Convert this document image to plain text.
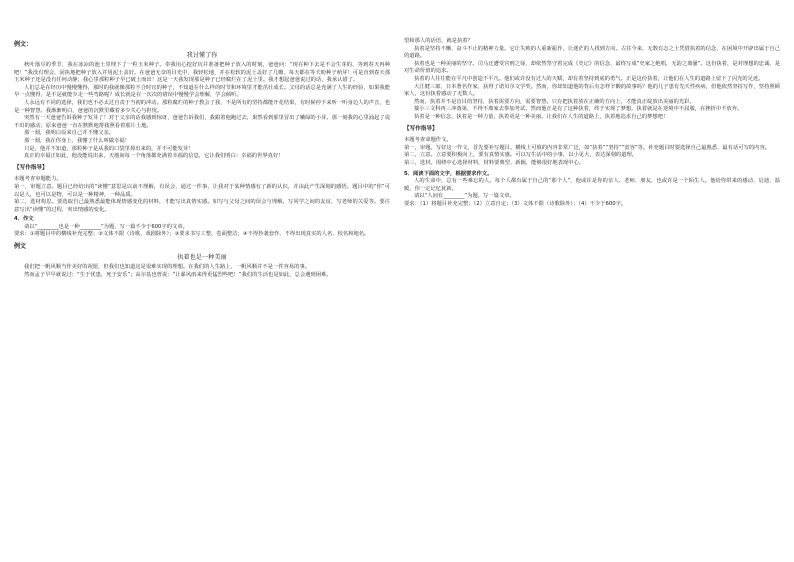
例文：

我讨懂了你

秋叶落尽的季节，我在冰凉的池土里埋下了一粒玉米种子。奉我用心挖好坑并准备把种子放入的时刻，爸爸问：“现在种下去是不会生芽的，等到春天再种吧！”我没有理会，固执地把种子放入并用泥土盖好。在爸爸无奈的目光中，我轻松地，并在松软的泥土盖好了几瓣，每天都在等天盼种子萌芽！可是直到春天那玉米种子还是没有任何动静，我心里那粒种子早已破土而出！这是一天我发现那是种子已经腐烂在了泥土里。我才想起爸爸说过的话，我承认错了。

人们总是在经历中慢慢懂得，那时的我就像那粒不合时宜的种子，不知道在什么样的时节和环境里才能茁壮成长。父母的话总是充满了人生的经验，如果我能早一点懂得，是不是就能少走一些弯路呢？成长就是在一次次的错误中慢慢学会理解，学会倾听。

人永远有不同的选择，我们也不必太过自责于当初的冲动。那粒腐烂的种子教会了我，不是所有的坚持都能开花结果，有时候停下来听一听身边人的声音，也是一种智慧。我渐渐明白，爸爸的沉默里藏着多少关心与担忧。

突然有一天爸爸告诉我种子发芽了！对于父亲的话我感到惊讶，爸爸告诉我们，我跟着他跑过去，果然看到那里冒出了嫩绿的小芽。那一刻我的心里涌起了说不出的感动，原来爸爸一直在默默地帮我照看着那片土地。

那一刻，我明白原来自己并不懂父亲。

那一刻，我在你身上，我懂了什么叫做幸福！

只是，他并不知道，那粒种子是从我的口袋里掉出来的，并不可能发芽！

真正的幸福正如此，他没能说出来，天地间每一个角落都充满着幸福的信息，它让我们明白：幸福的世界真好！

【写作指导】

本题考查审题能力。

第一，审题立意。题目已经给出的“读懂”意思是以前不理解，有误会，通过一件事，让我对于某种情感有了新的认识，并由此产生深刻的感悟。题目中的“你”可以是人，也可以是物，可以是一种精神，一种品质。

第二，选材构思。要选取自己最熟悉最能体现情感变化的材料，才能写出真情实感。如写与父母之间的误会与理解，写同学之间的友谊，写老师的关爱等。要注意写出“读懂”的过程，突出情感的变化。

4．作文

请以“________也是一种________”为题，写一篇不少于600字的文章。

要求：①将题目中的横线补充完整；②文体不限（诗歌、戏剧除外）；③要求书写工整，卷面整洁；④不得抄袭套作，不得出现真实的人名、校名和地名。

例文

执着也是一种美丽

我们把一帆风顺当作美好的祝愿，但我们也知道这是很难实现的理想。在我们的人生路上，一帆风顺并不是一件容易的事。

然而孟子早早就说过：“生于忧患，死于安乐”；高尔基也曾说：“让暴风雨来得更猛烈些吧！”我们的生活也是如此，总会遇到困难。

望和那人的话语，就是执着？

执着是坚持不懈、奋斗不止的精神力量。它让失败的人重新振作，让迷茫的人找到方向。古往今来，无数有志之士凭借执着的信念，在困境中开辟出属于自己的道路。

执着也是一种美丽的坚守。司马迁遭受宫刑之辱，却依然坚守着完成《史记》的信念，最终写成“史家之绝唱，无韵之离骚”。这份执着，是对理想的忠诚，是对生命价值的追求。

执着的人往往能在平凡中创造不平凡。他们或许没有过人的天赋，却有着坚持到底的勇气。正是这份执着，让他们在人生的道路上留下了闪光的足迹。

大江健三郎，日本著名作家，获得了诺贝尔文学奖。然而，你却知道他的背后有怎样辛酸的故事吗？他的儿子患有先天性疾病，但他依然坚持写作，坚持照顾家人，这份执着感动了无数人。

然而，执着并不是盲目的坚持，执着需要方向，需要智慧。只有把执着放在正确的方向上，才能真正绽放出美丽的光彩。

揣小三文科再三冲落第，不得不离家去参加考试，然而他正是有了这种执着，终于实现了梦想。执着就是在逆境中不屈服，在挫折中不放弃。

执着是一种信念，执着是一种力量，执着更是一种美丽。让我们在人生的道路上，执着地追求自己的梦想吧！

【写作指导】

本题考查命题作文。

第一，审题。写好这一作文，首先要补写题目。横线上可填的内容非常广泛，如“执着”“坚持”“宽容”等。补充题目时要选择自己最熟悉、最有话可写的内容。

第二，立意。立意要积极向上，要有真情实感。可以写生活中的小事，以小见大，表达深刻的道理。

第三，选材。围绕中心选择材料，材料要典型、新颖，能够很好地表现中心。

5．阅读下面的文字，根据要求作文。

人的生命中，总有一些难忘的人。每个人都有属于自己的“那个人”，他或许是你的亲人、老师、朋友，也或许是一个陌生人。他给你带来的感动、启迪、温暖，你一定记忆犹新。

请以“人间有________”为题，写一篇文章。

要求：（1）将题目补充完整；（2）立意自定；（3）文体不限（诗歌除外）；（4）不少于600字。
